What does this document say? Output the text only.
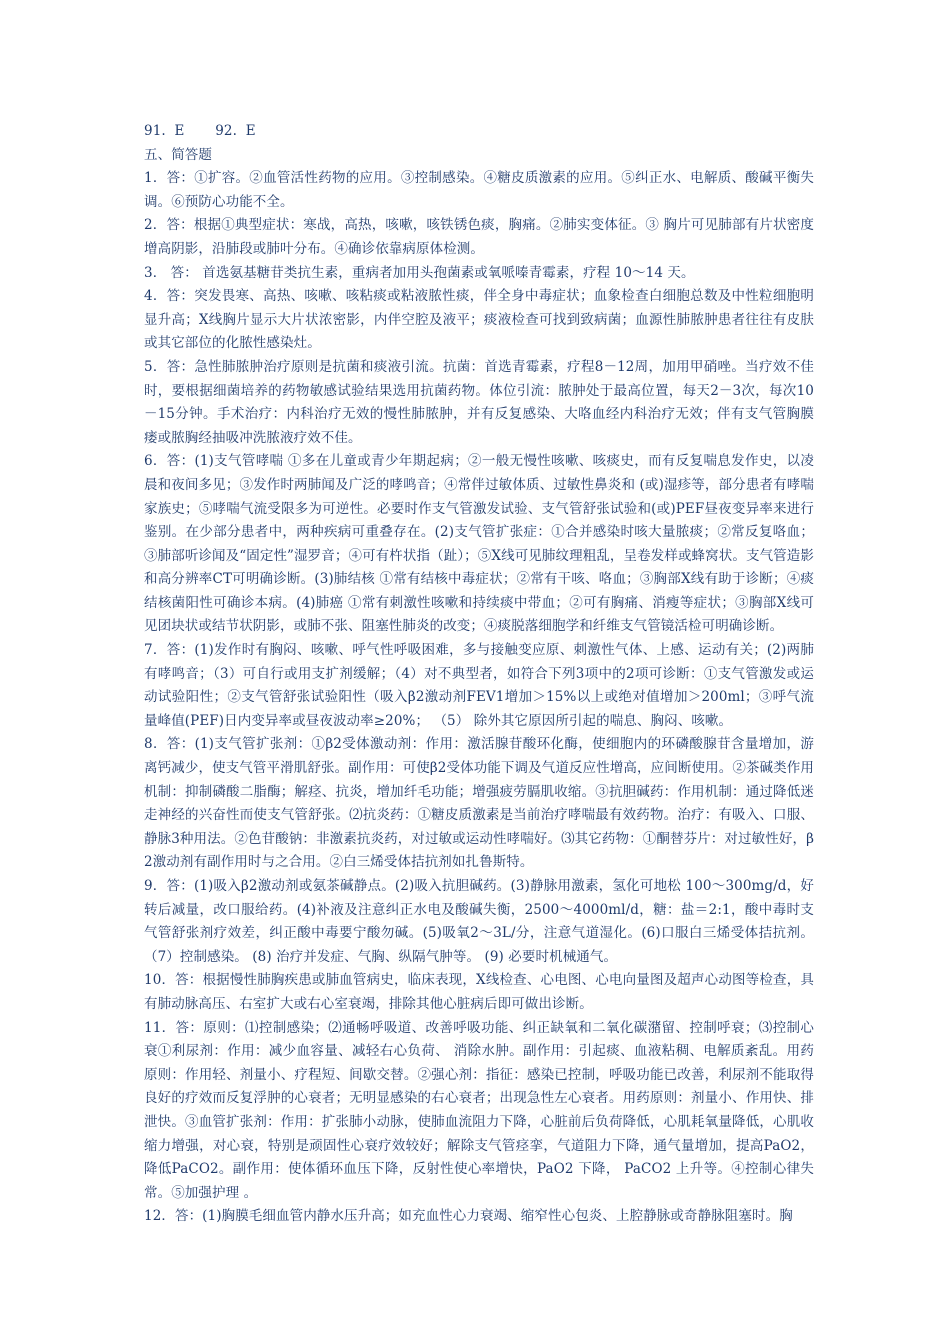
91.  E       92.  E
五、简答题

1．答：①扩容。②血管活性药物的应用。③控制感染。④糖皮质激素的应用。⑤纠正水、电解质、酸碱平衡失调。⑥预防心功能不全。

2．答：根据①典型症状：寒战，高热，咳嗽，咳铁锈色痰，胸痛。②肺实变体征。③ 胸片可见肺部有片状密度增高阴影，沿肺段或肺叶分布。④确诊依靠病原体检测。

3． 答： 首选氨基糖苷类抗生素，重病者加用头孢菌素或氧哌嗪青霉素，疗程 10～14 天。

4．答：突发畏寒、高热、咳嗽、咳粘痰或粘液脓性痰，伴全身中毒症状；血象检查白细胞总数及中性粒细胞明显升高；X线胸片显示大片状浓密影，内伴空腔及液平；痰液检查可找到致病菌；血源性肺脓肿患者往往有皮肤或其它部位的化脓性感染灶。

5．答：急性肺脓肿治疗原则是抗菌和痰液引流。抗菌：首选青霉素，疗程8－12周，加用甲硝唑。当疗效不佳时，要根据细菌培养的药物敏感试验结果选用抗菌药物。体位引流：脓肿处于最高位置，每天2－3次，每次10－15分钟。手术治疗：内科治疗无效的慢性肺脓肿，并有反复感染、大咯血经内科治疗无效；伴有支气管胸膜瘘或脓胸经抽吸冲洗脓液疗效不佳。

6．答：(1)支气管哮喘 ①多在儿童或青少年期起病；②一般无慢性咳嗽、咳痰史，而有反复喘息发作史，以凌晨和夜间多见；③发作时两肺闻及广泛的哮鸣音；④常伴过敏体质、过敏性鼻炎和 (或)湿疹等，部分患者有哮喘家族史；⑤哮喘气流受限多为可逆性。必要时作支气管激发试验、支气管舒张试验和(或)PEF昼夜变异率来进行鉴别。在少部分患者中，两种疾病可重叠存在。(2)支气管扩张症：①合并感染时咳大量脓痰；②常反复咯血；③肺部听诊闻及“固定性”湿罗音；④可有杵状指（趾）；⑤X线可见肺纹理粗乱，呈卷发样或蜂窝状。支气管造影和高分辨率CT可明确诊断。(3)肺结核 ①常有结核中毒症状；②常有干咳、咯血；③胸部X线有助于诊断；④痰结核菌阳性可确诊本病。(4)肺癌 ①常有刺激性咳嗽和持续痰中带血；②可有胸痛、消瘦等症状；③胸部X线可见团块状或结节状阴影，或肺不张、阻塞性肺炎的改变；④痰脱落细胞学和纤维支气管镜活检可明确诊断。

7．答：(1)发作时有胸闷、咳嗽、呼气性呼吸困难，多与接触变应原、刺激性气体、上感、运动有关；(2)两肺有哮鸣音；（3）可自行或用支扩剂缓解；（4）对不典型者，如符合下列3项中的2项可诊断：①支气管激发或运动试验阳性；②支气管舒张试验阳性（吸入β2激动剂FEV1增加＞15%以上或绝对值增加＞200ml；③呼气流量峰值(PEF)日内变异率或昼夜波动率≥20%； （5） 除外其它原因所引起的喘息、胸闷、咳嗽。

8．答：(1)支气管扩张剂：①β2受体激动剂：作用：激活腺苷酸环化酶，使细胞内的环磷酸腺苷含量增加，游离钙减少，使支气管平滑肌舒张。副作用：可使β2受体功能下调及气道反应性增高，应间断使用。②茶碱类作用机制：抑制磷酸二脂酶；解痉、抗炎，增加纤毛功能；增强疲劳膈肌收缩。③抗胆碱药：作用机制：通过降低迷走神经的兴奋性而使支气管舒张。⑵抗炎药：①糖皮质激素是当前治疗哮喘最有效药物。治疗：有吸入、口服、静脉3种用法。②色苷酸钠：非激素抗炎药，对过敏或运动性哮喘好。⑶其它药物：①酮替芬片：对过敏性好，β2激动剂有副作用时与之合用。②白三烯受体拮抗剂如扎鲁斯特。

9．答：(1)吸入β2激动剂或氨茶碱静点。(2)吸入抗胆碱药。(3)静脉用激素，氢化可地松 100～300mg/d，好转后减量，改口服给药。(4)补液及注意纠正水电及酸碱失衡，2500～4000ml/d，糖：盐＝2:1，酸中毒时支气管舒张剂疗效差，纠正酸中毒要宁酸勿碱。(5)吸氧2～3L/分，注意气道湿化。(6)口服白三烯受体拮抗剂。（7）控制感染。 (8) 治疗并发症、气胸、纵隔气肿等。 (9) 必要时机械通气。

10．答：根据慢性肺胸疾患或肺血管病史，临床表现，X线检查、心电图、心电向量图及超声心动图等检查，具有肺动脉高压、右室扩大或右心室衰竭，排除其他心脏病后即可做出诊断。

11．答：原则：⑴控制感染；⑵通畅呼吸道、改善呼吸功能、纠正缺氧和二氧化碳潴留、控制呼衰；⑶控制心衰①利尿剂：作用：减少血容量、减轻右心负荷、 消除水肿。副作用：引起痰、血液粘稠、电解质紊乱。用药原则：作用轻、剂量小、疗程短、间歇交替。②强心剂：指征：感染已控制，呼吸功能已改善，利尿剂不能取得良好的疗效而反复浮肿的心衰者；无明显感染的右心衰者；出现急性左心衰者。用药原则：剂量小、作用快、排泄快。③血管扩张剂：作用：扩张肺小动脉，使肺血流阻力下降，心脏前后负荷降低，心肌耗氧量降低，心肌收缩力增强，对心衰，特别是顽固性心衰疗效较好；解除支气管痉挛，气道阻力下降，通气量增加，提高PaO2，降低PaCO2。副作用：使体循环血压下降，反射性使心率增快，PaO2 下降， PaCO2 上升等。④控制心律失常。⑤加强护理 。

12．答：(1)胸膜毛细血管内静水压升高；如充血性心力衰竭、缩窄性心包炎、上腔静脉或奇静脉阻塞时。胸
